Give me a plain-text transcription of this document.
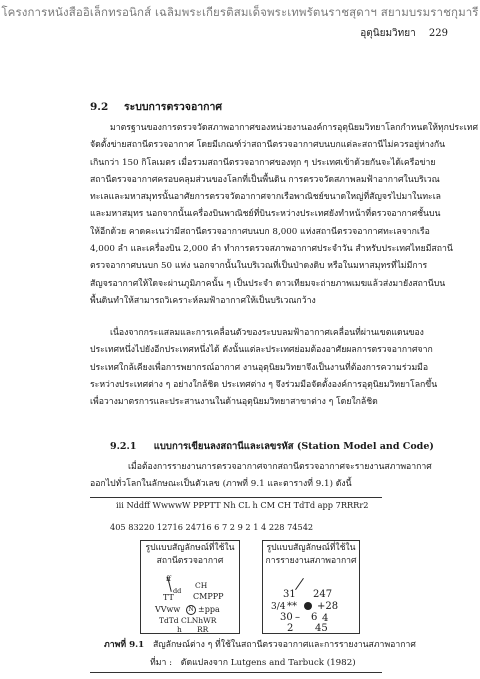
โครงการหนังสืออิเล็กทรอนิกส์ เฉลิมพระเกียรติสมเด็จพระเทพรัตนราชสุดาฯ สยามบรมราชกุมารี
อุตุนิยมวิทยา 229
9.2 ระบบการตรวจอากาศ
มาตรฐานของการตรวจวัดสภาพอากาศของหน่วยงานองค์การอุตุนิยมวิทยาโลกกำหนดให้ทุกประเทศ
จัดตั้งข่ายสถานีตรวจอากาศ โดยมีเกณฑ์ว่าสถานีตรวจอากาศบนบกแต่ละสถานีไม่ควรอยู่ห่างกัน
เกินกว่า 150 กิโลเมตร เมื่อรวมสถานีตรวจอากาศของทุก ๆ ประเทศเข้าด้วยกันจะได้เครือข่าย
สถานีตรวจอากาศครอบคลุมส่วนของโลกที่เป็นพื้นดิน การตรวจวัดสภาพลมฟ้าอากาศในบริเวณ
ทะเลและมหาสมุทรนั้นอาศัยการตรวจวัดอากาศจากเรือพาณิชย์ขนาดใหญ่ที่สัญจรไปมาในทะเล
และมหาสมุทร นอกจากนั้นเครื่องบินพาณิชย์ที่บินระหว่างประเทศยังทำหน้าที่ตรวจอากาศชั้นบน
ให้อีกด้วย คาดคะเนว่ามีสถานีตรวจอากาศบนบก 8,000 แห่งสถานีตรวจอากาศทะเลจากเรือ
4,000 ลำ และเครื่องบิน 2,000 ลำ ทำการตรวจสภาพอากาศประจำวัน สำหรับประเทศไทยมีสถานี
ตรวจอากาศบนบก 50 แห่ง นอกจากนั้นในบริเวณที่เป็นป่าดงดิบ หรือในมหาสมุทรที่ไม่มีการ
สัญจรอากาศให้ใดจะผ่านภูมิภาคนั้น ๆ เป็นประจำ ดาวเทียมจะถ่ายภาพเมฆแล้วส่งมายังสถานีบน
พื้นดินทำให้สามารถวิเคราะห์ลมฟ้าอากาศให้เป็นบริเวณกว้าง
เนื่องจากกระแสลมและการเคลื่อนตัวของระบบลมฟ้าอากาศเคลื่อนที่ผ่านเขตแดนของ
ประเทศหนึ่งไปยังอีกประเทศหนึ่งได้ ดังนั้นแต่ละประเทศย่อมต้องอาศัยผลการตรวจอากาศจาก
ประเทศใกล้เคียงเพื่อการพยากรณ์อากาศ งานอุตุนิยมวิทยาจึงเป็นงานที่ต้องการความร่วมมือ
ระหว่างประเทศต่าง ๆ อย่างใกล้ชิด ประเทศต่าง ๆ จึงร่วมมือจัดตั้งองค์การอุตุนิยมวิทยาโลกขึ้น
เพื่อวางมาตรการและประสานงานในด้านอุตุนิยมวิทยาสาขาต่าง ๆ โดยใกล้ชิด
9.2.1 แบบการเขียนลงสถานีและเลขรหัส (Station Model and Code)
เมื่อต้องการรายงานการตรวจอากาศจากสถานีตรวจอากาศจะรายงานสภาพอากาศ
ออกไปทั่วโลกในลักษณะเป็นตัวเลข (ภาพที่ 9.1 และตารางที่ 9.1) ดังนี้
iii Nddff WwwwW PPPTT Nh CL h CM CH TdTd app 7RRRr2
405 83220 12716 24716 6 7 2 9 2 1 4 228 74542
รูปแบบสัญลักษณ์ที่ใช้ใน
สถานีตรวจอากาศ
ff
dd
CH
TT CMPPP
VVww	N ±ppa
TdTd CLNhWR
h RR
รูปแบบสัญลักษณ์ที่ใช้ใน
การรายงานสภาพอากาศ
31 247
3/4 ** +28
30 – 6 4
2 45
ภาพที่ 9.1 สัญลักษณ์ต่าง ๆ ที่ใช้ในสถานีตรวจอากาศและการรายงานสภาพอากาศ
ที่มา : ดัดแปลงจาก Lutgens and Tarbuck (1982)
